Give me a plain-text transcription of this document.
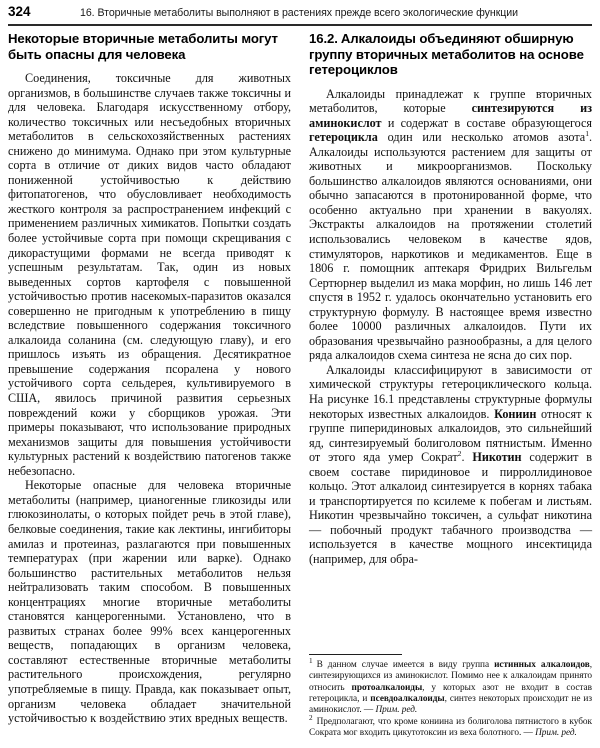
324	16. Вторичные метаболиты выполняют в растениях прежде всего экологические функции
Некоторые вторичные метаболиты могут быть опасны для человека

Соединения, токсичные для животных организмов, в большинстве случаев также токсичны и для человека. Благодаря искусственному отбору, количество токсичных или несъедобных вторичных метаболитов в сельскохозяйственных растениях снижено до минимума. Однако при этом культурные сорта в отличие от диких видов часто обладают пониженной устойчивостью к действию фитопатогенов, что обусловливает необходимость жесткого контроля за распространением инфекций с применением различных химикатов. Попытки создать более устойчивые сорта при помощи скрещивания с дикорастущими формами не всегда приводят к успешным результатам. Так, один из новых выведенных сортов картофеля с повышенной устойчивостью против насекомых-паразитов оказался совершенно не пригодным к употреблению в пищу вследствие повышенного содержания токсичного алкалоида соланина (см. следующую главу), и его пришлось изъять из обращения. Десятикратное превышение содержания псоралена у нового устойчивого сорта сельдерея, культивируемого в США, явилось причиной развития серьезных повреждений кожи у сборщиков урожая. Эти примеры показывают, что использование природных механизмов защиты для повышения устойчивости культурных растений к воздействию патогенов также небезопасно.

Некоторые опасные для человека вторичные метаболиты (например, цианогенные гликозиды или глюкозинолаты, о которых пойдет речь в этой главе), белковые соединения, такие как лектины, ингибиторы амилаз и протеиназ, разлагаются при повышенных температурах (при жарении или варке). Однако большинство растительных метаболитов нельзя нейтрализовать таким способом. В повышенных концентрациях многие вторичные метаболиты становятся канцерогенными. Установлено, что в развитых странах более 99% всех канцерогенных веществ, попадающих в организм человека, составляют естественные вторичные метаболиты растительного происхождения, регулярно употребляемые в пищу. Правда, как показывает опыт, организм человека обладает значительной устойчивостью к воздействию этих вредных веществ.

16.2. Алкалоиды объединяют обширную группу вторичных метаболитов на основе гетероциклов

Алкалоиды принадлежат к группе вторичных метаболитов, которые синтезируются из аминокислот и содержат в составе образующегося гетероцикла один или несколько атомов азота$^1$. Алкалоиды используются растением для защиты от животных и микроорганизмов. Поскольку большинство алкалоидов являются основаниями, они обычно запасаются в протонированной форме, что особенно актуально при хранении в вакуолях. Экстракты алкалоидов на протяжении столетий использовались человеком в качестве ядов, стимуляторов, наркотиков и медикаментов. Еще в 1806 г. помощник аптекаря Фридрих Вильгельм Сертюрнер выделил из мака морфин, но лишь 146 лет спустя в 1952 г. удалось окончательно установить его структурную формулу. В настоящее время известно более 10000 различных алкалоидов. Пути их образования чрезвычайно разнообразны, а для целого ряда алкалоидов схема синтеза не ясна до сих пор.

Алкалоиды классифицируют в зависимости от химической структуры гетероциклического кольца. На рисунке 16.1 представлены структурные формулы некоторых известных алкалоидов. Кониин относят к группе пиперидиновых алкалоидов, это сильнейший яд, синтезируемый болиголовом пятнистым. Именно от этого яда умер Сократ$^2$. Никотин содержит в своем составе пиридиновое и пирроллидиновое кольцо. Этот алкалоид синтезируется в корнях табака и транспортируется по ксилеме к побегам и листьям. Никотин чрезвычайно токсичен, а сульфат никотина — побочный продукт табачного производства — используется в качестве мощного инсектицида (например, для обра-

$^1$ В данном случае имеется в виду группа истинных алкалоидов, синтезирующихся из аминокислот. Помимо нее к алкалоидам принято относить протоалкалоиды, у которых азот не входит в состав гетероцикла, и псевдоалкалоиды, синтез некоторых происходит не из аминокислот. — Прим. ред.

$^2$ Предполагают, что кроме кониина из болиголова пятнистого в кубок Сократа мог входить цикутотоксин из веха болотного. — Прим. ред.
